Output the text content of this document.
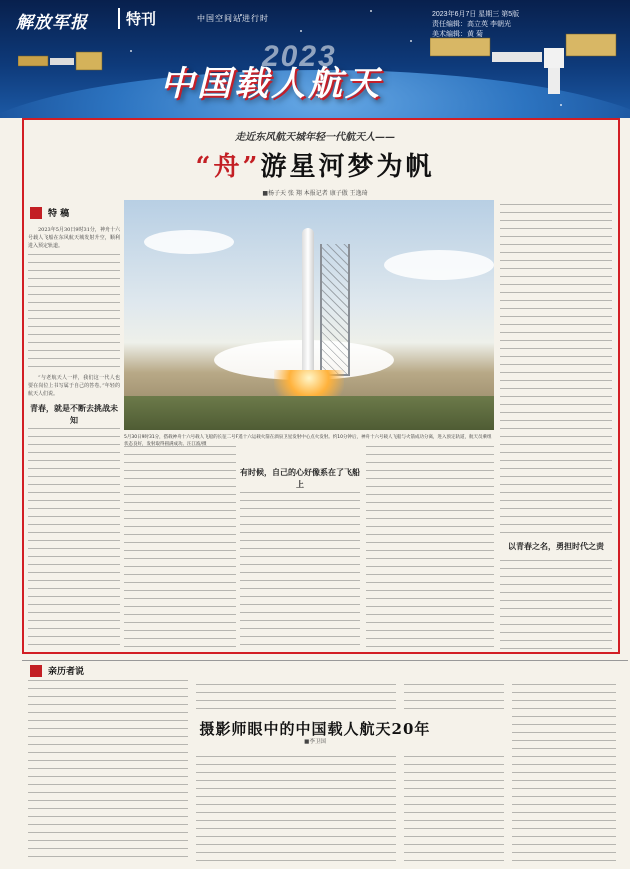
解放军报	特刊	中国空间站进行时	2023年6月7日 星期三 第5版
责任编辑：高立英 李朝光
美术编辑：黄 菊
2023
中国载人航天
走近东风航天城年轻一代航天人——
“舟”游星河梦为帆
■杨子天 张 翔 本报记者 康子傲 王逸琦
特 稿

2023年5月30日9时31分，神舟十六号载人飞船在东风航天城发射升空，顺利进入预定轨道。

“与老航天人一样，我们这一代人也要在岗位上书写属于自己的答卷。”年轻的航天人们说。

青春，就是不断去挑战未知
5月30日9时31分，搭载神舟十六号载人飞船的长征二号F遥十六运载火箭在酒泉卫星发射中心点火发射。约10分钟后，神舟十六号载人飞船与火箭成功分离，进入预定轨道，航天员乘组状态良好，发射取得圆满成功。汪江波/摄
以青春之名，勇担时代之责
有时候，自己的心好像系在了飞船上
亲历者说
摄影师眼中的中国载人航天20年
■李卫国
